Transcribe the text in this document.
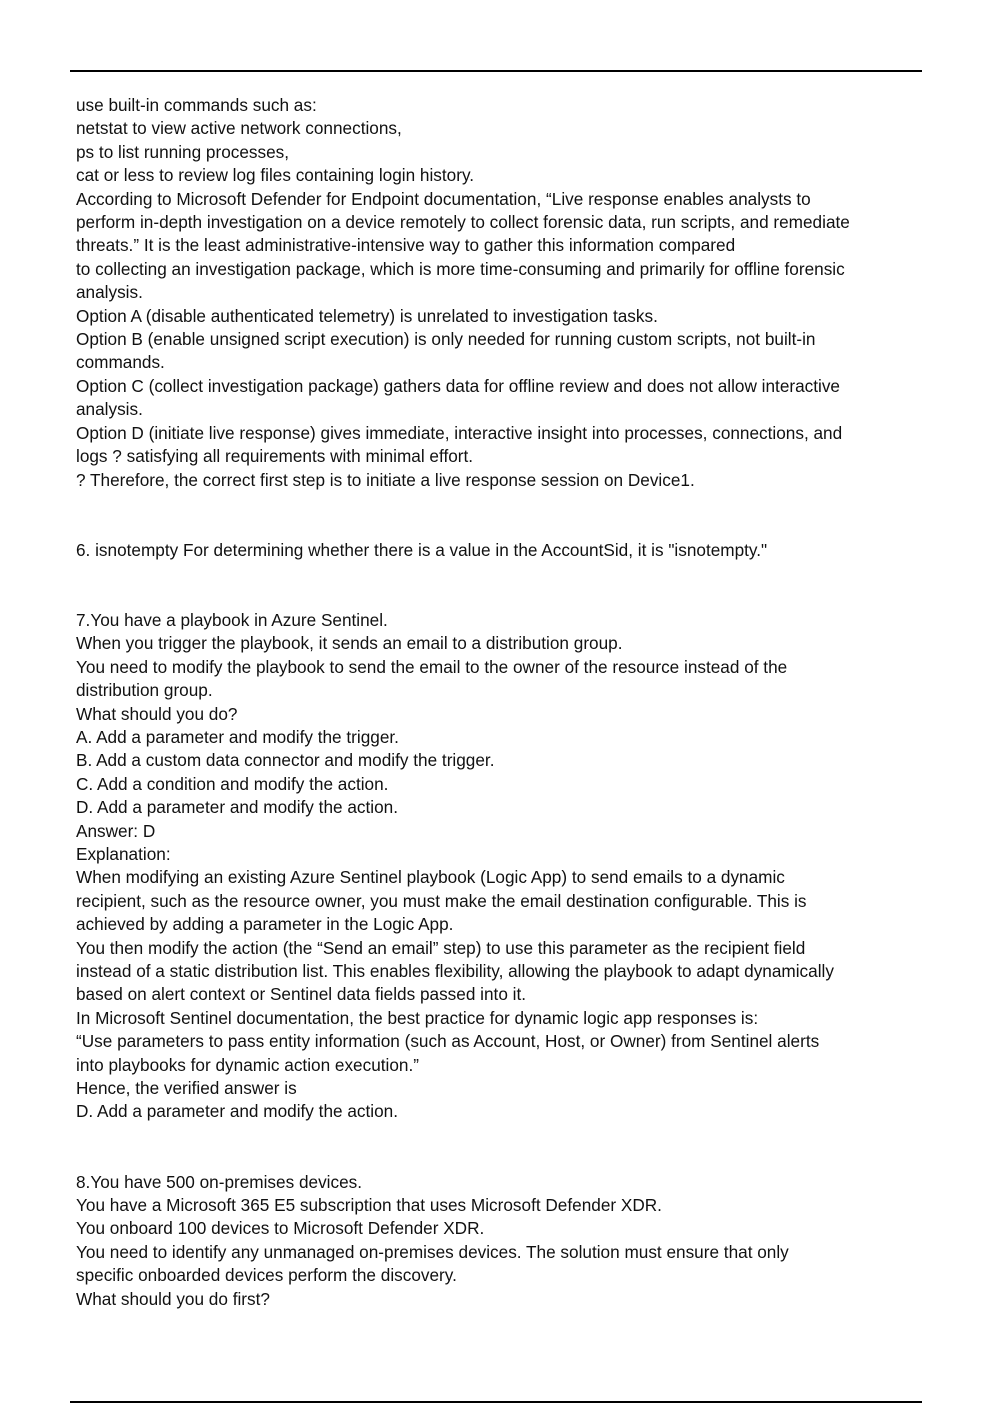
use built-in commands such as:
netstat to view active network connections,
ps to list running processes,
cat or less to review log files containing login history.
According to Microsoft Defender for Endpoint documentation, “Live response enables analysts to
perform in-depth investigation on a device remotely to collect forensic data, run scripts, and remediate
threats.” It is the least administrative-intensive way to gather this information compared
to collecting an investigation package, which is more time-consuming and primarily for offline forensic
analysis.
Option A (disable authenticated telemetry) is unrelated to investigation tasks.
Option B (enable unsigned script execution) is only needed for running custom scripts, not built-in
commands.
Option C (collect investigation package) gathers data for offline review and does not allow interactive
analysis.
Option D (initiate live response) gives immediate, interactive insight into processes, connections, and
logs ? satisfying all requirements with minimal effort.
? Therefore, the correct first step is to initiate a live response session on Device1.
6. isnotempty For determining whether there is a value in the AccountSid, it is "isnotempty."
7.You have a playbook in Azure Sentinel.
When you trigger the playbook, it sends an email to a distribution group.
You need to modify the playbook to send the email to the owner of the resource instead of the
distribution group.
What should you do?
A. Add a parameter and modify the trigger.
B. Add a custom data connector and modify the trigger.
C. Add a condition and modify the action.
D. Add a parameter and modify the action.
Answer: D
Explanation:
When modifying an existing Azure Sentinel playbook (Logic App) to send emails to a dynamic
recipient, such as the resource owner, you must make the email destination configurable. This is
achieved by adding a parameter in the Logic App.
You then modify the action (the “Send an email” step) to use this parameter as the recipient field
instead of a static distribution list. This enables flexibility, allowing the playbook to adapt dynamically
based on alert context or Sentinel data fields passed into it.
In Microsoft Sentinel documentation, the best practice for dynamic logic app responses is:
“Use parameters to pass entity information (such as Account, Host, or Owner) from Sentinel alerts
into playbooks for dynamic action execution.”
Hence, the verified answer is
D. Add a parameter and modify the action.
8.You have 500 on-premises devices.
You have a Microsoft 365 E5 subscription that uses Microsoft Defender XDR.
You onboard 100 devices to Microsoft Defender XDR.
You need to identify any unmanaged on-premises devices. The solution must ensure that only
specific onboarded devices perform the discovery.
What should you do first?
